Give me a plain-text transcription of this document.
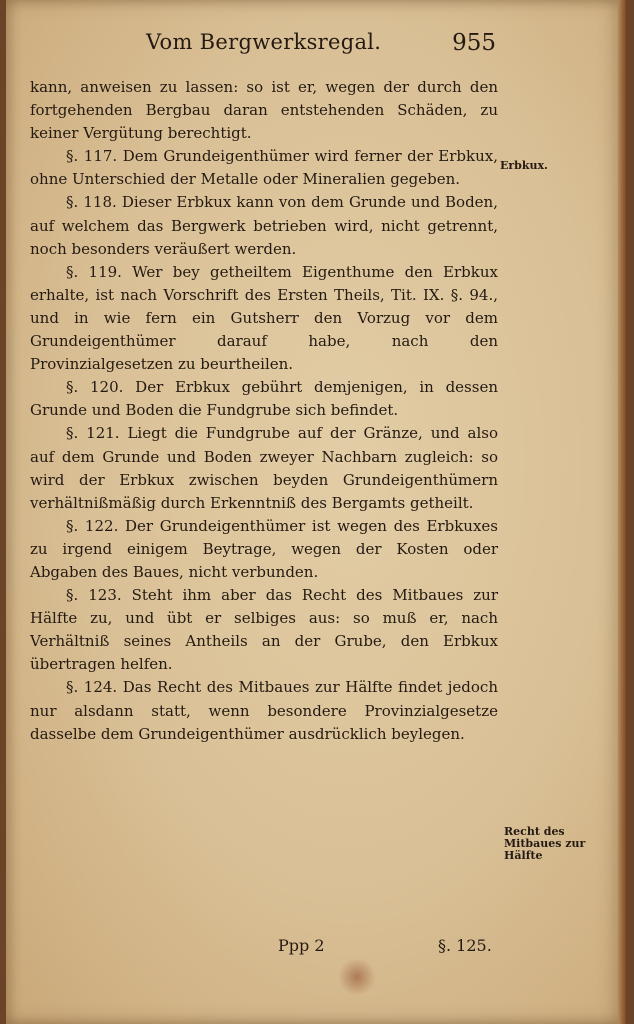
Vom Bergwerksregal.	955

kann, anweisen zu lassen: so ist er, wegen der durch den fortgehenden Bergbau daran entstehenden Schäden, zu keiner Vergütung berechtigt.

§. 117. Dem Grundeigenthümer wird ferner der Erbkux, ohne Unterschied der Metalle oder Mineralien gegeben.

§. 118. Dieser Erbkux kann von dem Grunde und Boden, auf welchem das Bergwerk betrieben wird, nicht getrennt, noch besonders veräußert werden.

§. 119. Wer bey getheiltem Eigenthume den Erbkux erhalte, ist nach Vorschrift des Ersten Theils, Tit. IX. §. 94., und in wie fern ein Gutsherr den Vorzug vor dem Grundeigenthümer darauf habe, nach den Provinzialgesetzen zu beurtheilen.

§. 120. Der Erbkux gebührt demjenigen, in dessen Grunde und Boden die Fundgrube sich befindet.

§. 121. Liegt die Fundgrube auf der Gränze, und also auf dem Grunde und Boden zweyer Nachbarn zugleich: so wird der Erbkux zwischen beyden Grundeigenthümern verhältnißmäßig durch Erkenntniß des Bergamts getheilt.

§. 122. Der Grundeigenthümer ist wegen des Erbkuxes zu irgend einigem Beytrage, wegen der Kosten oder Abgaben des Baues, nicht verbunden.

§. 123. Steht ihm aber das Recht des Mitbaues zur Hälfte zu, und übt er selbiges aus: so muß er, nach Verhältniß seines Antheils an der Grube, den Erbkux übertragen helfen.

§. 124. Das Recht des Mitbaues zur Hälfte findet jedoch nur alsdann statt, wenn besondere Provinzialgesetze dasselbe dem Grundeigenthümer ausdrücklich beylegen.

Erbkux.
Recht des Mitbaues zur Hälfte
Ppp 2	§. 125.
